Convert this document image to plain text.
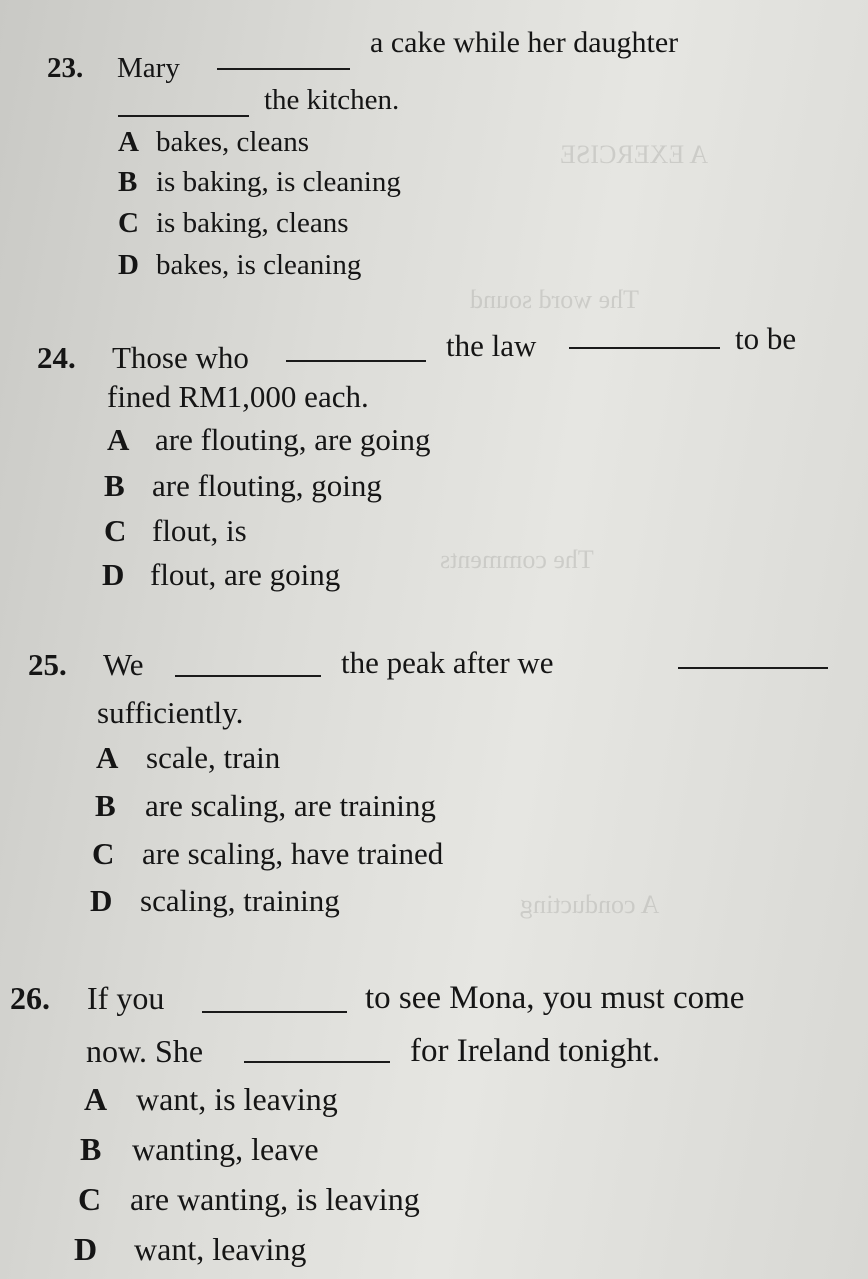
A EXERCISE
The word sound
The comments
A conducting
23. Mary
a cake while her daughter
the kitchen.
A bakes, cleans
B is baking, is cleaning
C is baking, cleans
D bakes, is cleaning
24. Those who	the law	to be
fined RM1,000 each.
A are flouting, are going
B are flouting, going
C flout, is
D flout, are going
25. We	the peak after we
sufficiently.
A scale, train
B are scaling, are training
C are scaling, have trained
D scaling, training
26. If you	to see Mona, you must come
now. She	for Ireland tonight.
A want, is leaving
B wanting, leave
C are wanting, is leaving
D want, leaving
